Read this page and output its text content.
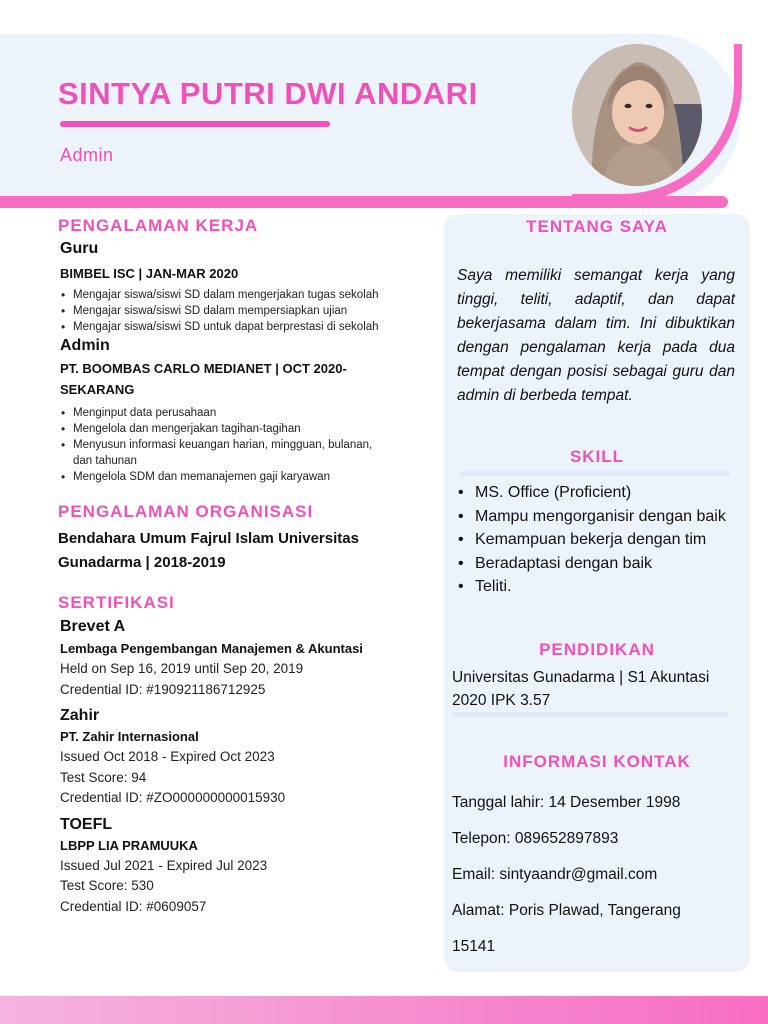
SINTYA PUTRI DWI ANDARI
Admin
PENGALAMAN KERJA
Guru
BIMBEL ISC | JAN-MAR 2020
• Mengajar siswa/siswi SD dalam mengerjakan tugas sekolah
• Mengajar siswa/siswi SD dalam mempersiapkan ujian
• Mengajar siswa/siswi SD untuk dapat berprestasi di sekolah
Admin
PT. BOOMBAS CARLO MEDIANET | OCT 2020-SEKARANG
• Menginput data perusahaan
• Mengelola dan mengerjakan tagihan-tagihan
• Menyusun informasi keuangan harian, mingguan, bulanan, dan tahunan
• Mengelola SDM dan memanajemen gaji karyawan
PENGALAMAN ORGANISASI
Bendahara Umum Fajrul Islam Universitas Gunadarma | 2018-2019
SERTIFIKASI
Brevet A
Lembaga Pengembangan Manajemen & Akuntasi
Held on Sep 16, 2019 until Sep 20, 2019
Credential ID: #190921186712925
Zahir
PT. Zahir Internasional
Issued Oct 2018 - Expired Oct 2023
Test Score: 94
Credential ID: #ZO000000000015930
TOEFL
LBPP LIA PRAMUUKA
Issued Jul 2021 - Expired Jul 2023
Test Score: 530
Credential ID: #0609057
TENTANG SAYA
Saya memiliki semangat kerja yang tinggi, teliti, adaptif, dan dapat bekerjasama dalam tim. Ini dibuktikan dengan pengalaman kerja pada dua tempat dengan posisi sebagai guru dan admin di berbeda tempat.
SKILL
• MS. Office (Proficient)
• Mampu mengorganisir dengan baik
• Kemampuan bekerja dengan tim
• Beradaptasi dengan baik
• Teliti.
PENDIDIKAN
Universitas Gunadarma | S1 Akuntasi
2020 IPK 3.57
INFORMASI KONTAK
Tanggal lahir: 14 Desember 1998
Telepon: 089652897893
Email: sintyaandr@gmail.com
Alamat: Poris Plawad, Tangerang
15141
